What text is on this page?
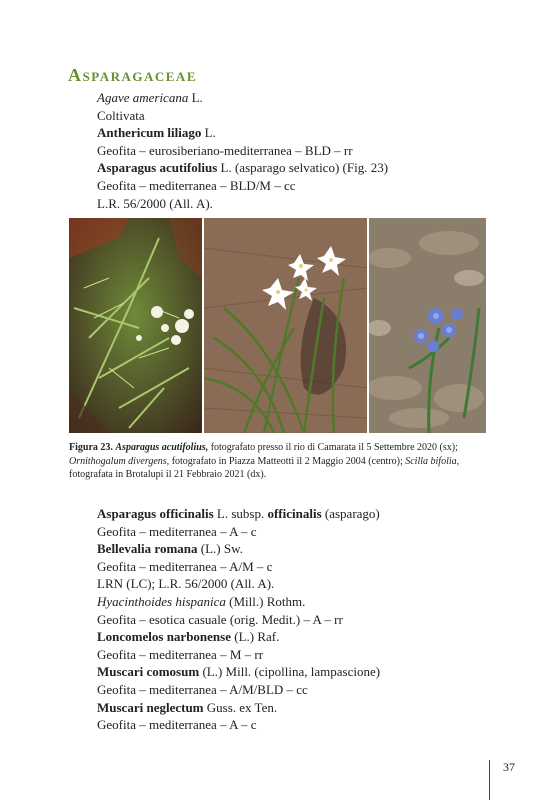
Asparagaceae
Agave americana L.
Coltivata
Anthericum liliago L.
Geofita – eurosiberiano-mediterranea – BLD – rr
Asparagus acutifolius L. (asparago selvatico) (Fig. 23)
Geofita – mediterranea – BLD/M – cc
L.R. 56/2000 (All. A).
Figura 23. Asparagus acutifolius, fotografato presso il rio di Camarata il 5 Settembre 2020 (sx); Ornithogalum divergens, fotografato in Piazza Matteotti il 2 Maggio 2004 (centro); Scilla bifolia, fotografata in Brotalupi il 21 Febbraio 2021 (dx).
Asparagus officinalis L. subsp. officinalis (asparago)
Geofita – mediterranea – A – c
Bellevalia romana (L.) Sw.
Geofita – mediterranea – A/M – c
LRN (LC); L.R. 56/2000 (All. A).
Hyacinthoides hispanica (Mill.) Rothm.
Geofita – esotica casuale (orig. Medit.) – A – rr
Loncomelos narbonense (L.) Raf.
Geofita – mediterranea – M – rr
Muscari comosum (L.) Mill. (cipollina, lampascione)
Geofita – mediterranea – A/M/BLD – cc
Muscari neglectum Guss. ex Ten.
Geofita – mediterranea – A – c
37
